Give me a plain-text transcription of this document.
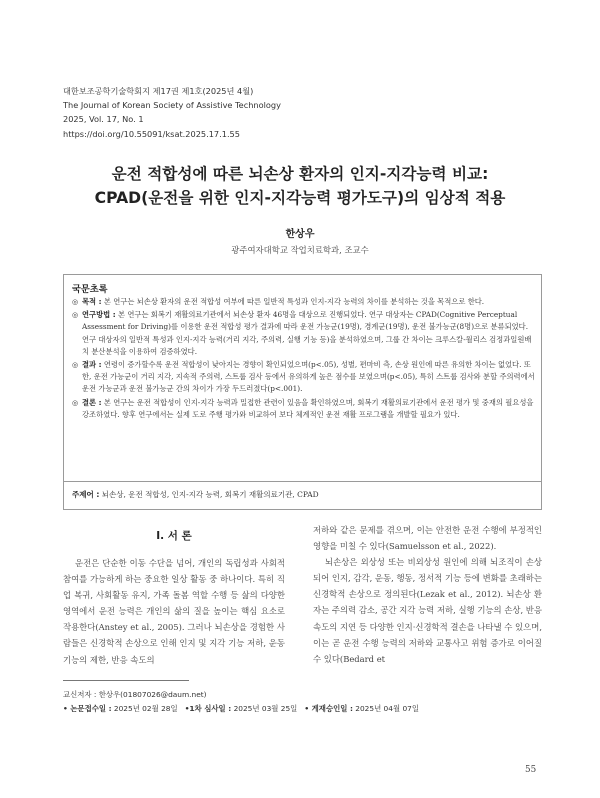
대한보조공학기술학회지 제17권 제1호(2025년 4월)
The Journal of Korean Society of Assistive Technology
2025, Vol. 17, No. 1
https://doi.org/10.55091/ksat.2025.17.1.55
운전 적합성에 따른 뇌손상 환자의 인지-지각능력 비교:
CPAD(운전을 위한 인지-지각능력 평가도구)의 임상적 적용
한상우
광주여자대학교 작업치료학과, 조교수
국문초록
◎ 목적 : 본 연구는 뇌손상 환자의 운전 적합성 여부에 따른 일반적 특성과 인지-지각 능력의 차이를 분석하는 것을 목적으로 한다.
◎ 연구방법 : 본 연구는 회복기 재활의료기관에서 뇌손상 환자 46명을 대상으로 진행되었다. 연구 대상자는 CPAD(Cognitive Perceptual Assessment for Driving)를 이용한 운전 적합성 평가 결과에 따라 운전 가능군(19명), 경계군(19명), 운전 불가능군(8명)으로 분류되었다. 연구 대상자의 일반적 특성과 인지-지각 능력(거리 지각, 주의력, 실행 기능 등)을 분석하였으며, 그룹 간 차이는 크루스칼-월리스 검정과일원배치 분산분석을 이용하여 검증하였다.
◎ 결과 : 연령이 증가할수록 운전 적합성이 낮아지는 경향이 확인되었으며(p<.05), 성별, 편마비 측, 손상 원인에 따른 유의한 차이는 없었다. 또한, 운전 가능군이 거리 지각, 지속적 주의력, 스트룹 검사 등에서 유의하게 높은 점수를 보였으며(p<.05), 특히 스트룹 검사와 분할 주의력에서 운전 가능군과 운전 불가능군 간의 차이가 가장 두드러졌다(p<.001).
◎ 결론 : 본 연구는 운전 적합성이 인지-지각 능력과 밀접한 관련이 있음을 확인하였으며, 회복기 재활의료기관에서 운전 평가 및 중재의 필요성을 강조하였다. 향후 연구에서는 실제 도로 주행 평가와 비교하여 보다 체계적인 운전 재활 프로그램을 개발할 필요가 있다.
주제어 : 뇌손상, 운전 적합성, 인지-지각 능력, 회복기 재활의료기관, CPAD
Ⅰ. 서 론

운전은 단순한 이동 수단을 넘어, 개인의 독립성과 사회적 참여를 가능하게 하는 중요한 일상 활동 중 하나이다. 특히 직업 복귀, 사회활동 유지, 가족 돌봄 역할 수행 등 삶의 다양한 영역에서 운전 능력은 개인의 삶의 질을 높이는 핵심 요소로 작용한다(Anstey et al., 2005). 그러나 뇌손상을 경험한 사람들은 신경학적 손상으로 인해 인지 및 지각 기능 저하, 운동 기능의 제한, 반응 속도의

저하와 같은 문제를 겪으며, 이는 안전한 운전 수행에 부정적인 영향을 미칠 수 있다(Samuelsson et al., 2022).

뇌손상은 외상성 또는 비외상성 원인에 의해 뇌조직이 손상되어 인지, 감각, 운동, 행동, 정서적 기능 등에 변화를 초래하는 신경학적 손상으로 정의된다(Lezak et al., 2012). 뇌손상 환자는 주의력 감소, 공간 지각 능력 저하, 실행 기능의 손상, 반응 속도의 지연 등 다양한 인지·신경학적 결손을 나타낼 수 있으며, 이는 곧 운전 수행 능력의 저하와 교통사고 위험 증가로 이어질 수 있다(Bedard et

교신저자 : 한상우(01807026@daum.net)
• 논문접수일 : 2025년 02월 28일 •1차 심사일 : 2025년 03월 25일 • 게재승인일 : 2025년 04월 07일
55
